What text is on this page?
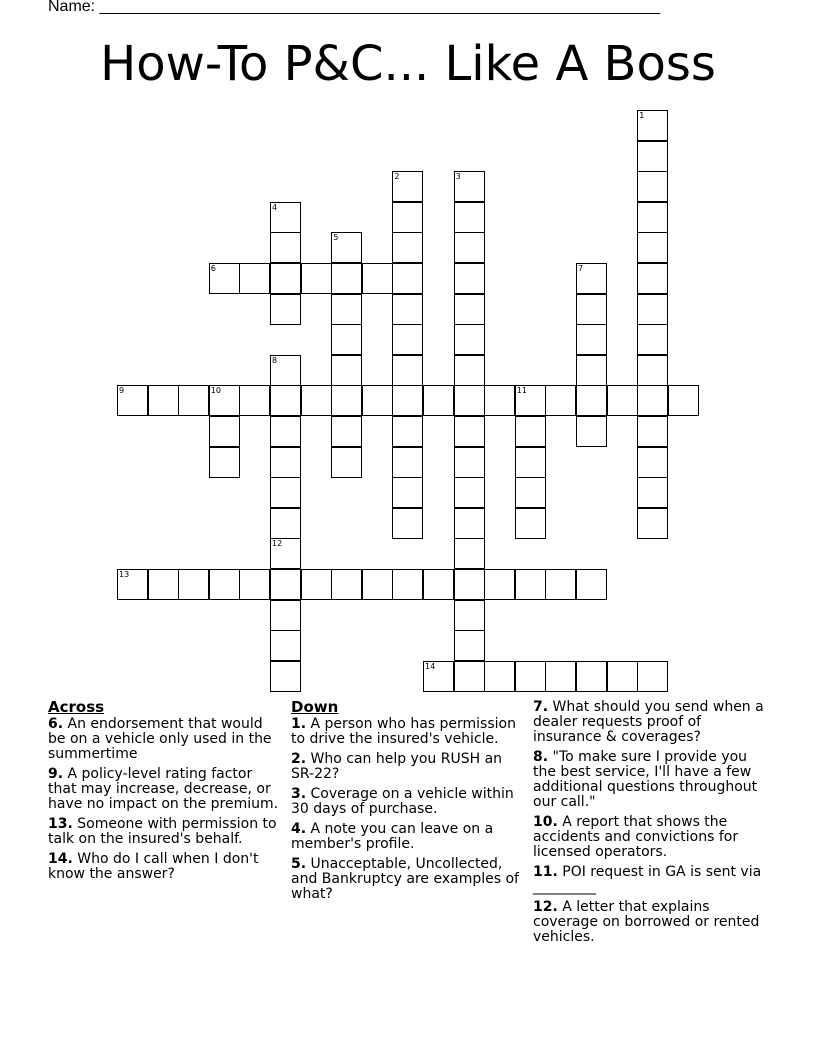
Name: _______________________________________________________________
How-To P&C... Like A Boss
1
2	3
4
5
6	7
8
9	10	11
12
13
14
Across
6. An endorsement that would be on a vehicle only used in the summertime
9. A policy-level rating factor that may increase, decrease, or have no impact on the premium.
13. Someone with permission to talk on the insured's behalf.
14. Who do I call when I don't know the answer?
Down
1. A person who has permission to drive the insured's vehicle.
2. Who can help you RUSH an SR-22?
3. Coverage on a vehicle within 30 days of purchase.
4. A note you can leave on a member's profile.
5. Unacceptable, Uncollected, and Bankruptcy are examples of what?
7. What should you send when a dealer requests proof of insurance & coverages?
8. "To make sure I provide you the best service, I'll have a few additional questions throughout our call."
10. A report that shows the accidents and convictions for licensed operators.
11. POI request in GA is sent via _________
12. A letter that explains coverage on borrowed or rented vehicles.
